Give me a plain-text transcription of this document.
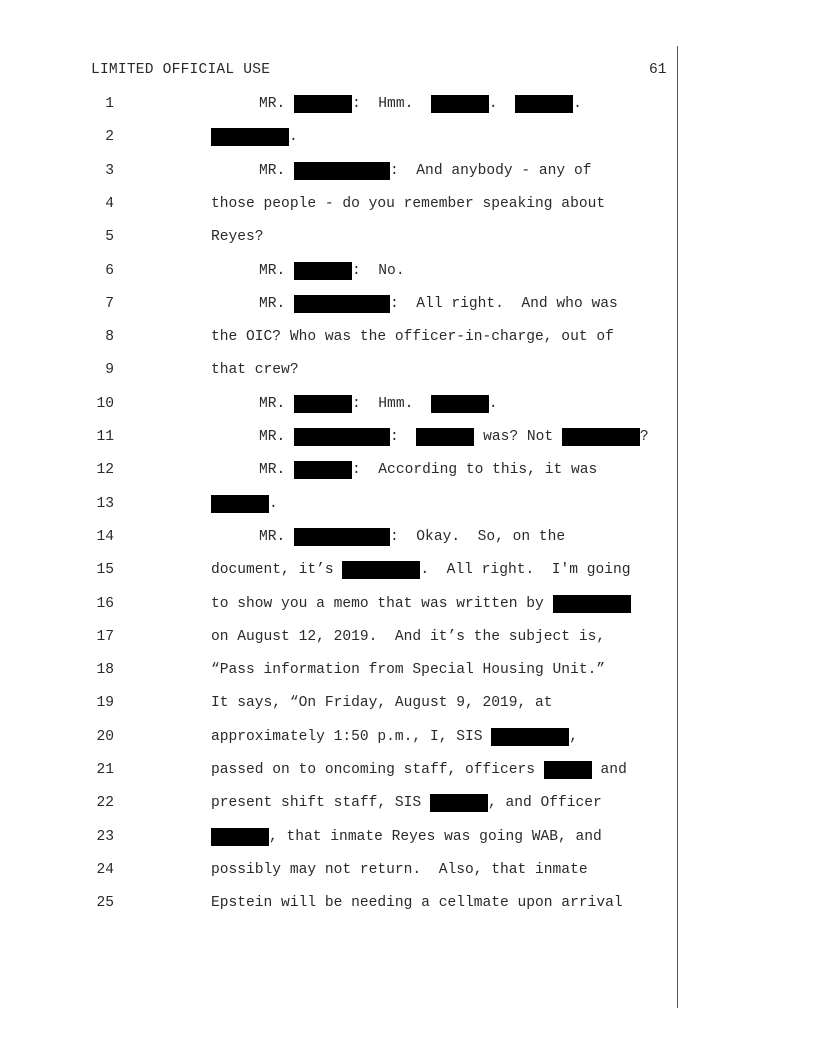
LIMITED OFFICIAL USE	61
1	MR.	:  Hmm.	.	.
2	.
3	MR.	:  And anybody - any of
4	those people - do you remember speaking about
5	Reyes?
6	MR.	:  No.
7	MR.	:  All right.  And who was
8	the OIC? Who was the officer-in-charge, out of
9	that crew?
10	MR.	:  Hmm.	.
11	MR.	:	was? Not	?
12	MR.	:  According to this, it was
13	.
14	MR.	:  Okay.  So, on the
15	document, it’s	.  All right.  I'm going
16	to show you a memo that was written by
17	on August 12, 2019.  And it’s the subject is,
18	“Pass information from Special Housing Unit.”
19	It says, “On Friday, August 9, 2019, at
20	approximately 1:50 p.m., I, SIS	,
21	passed on to oncoming staff, officers	and
22	present shift staff, SIS	, and Officer
23	, that inmate Reyes was going WAB, and
24	possibly may not return.  Also, that inmate
25	Epstein will be needing a cellmate upon arrival
